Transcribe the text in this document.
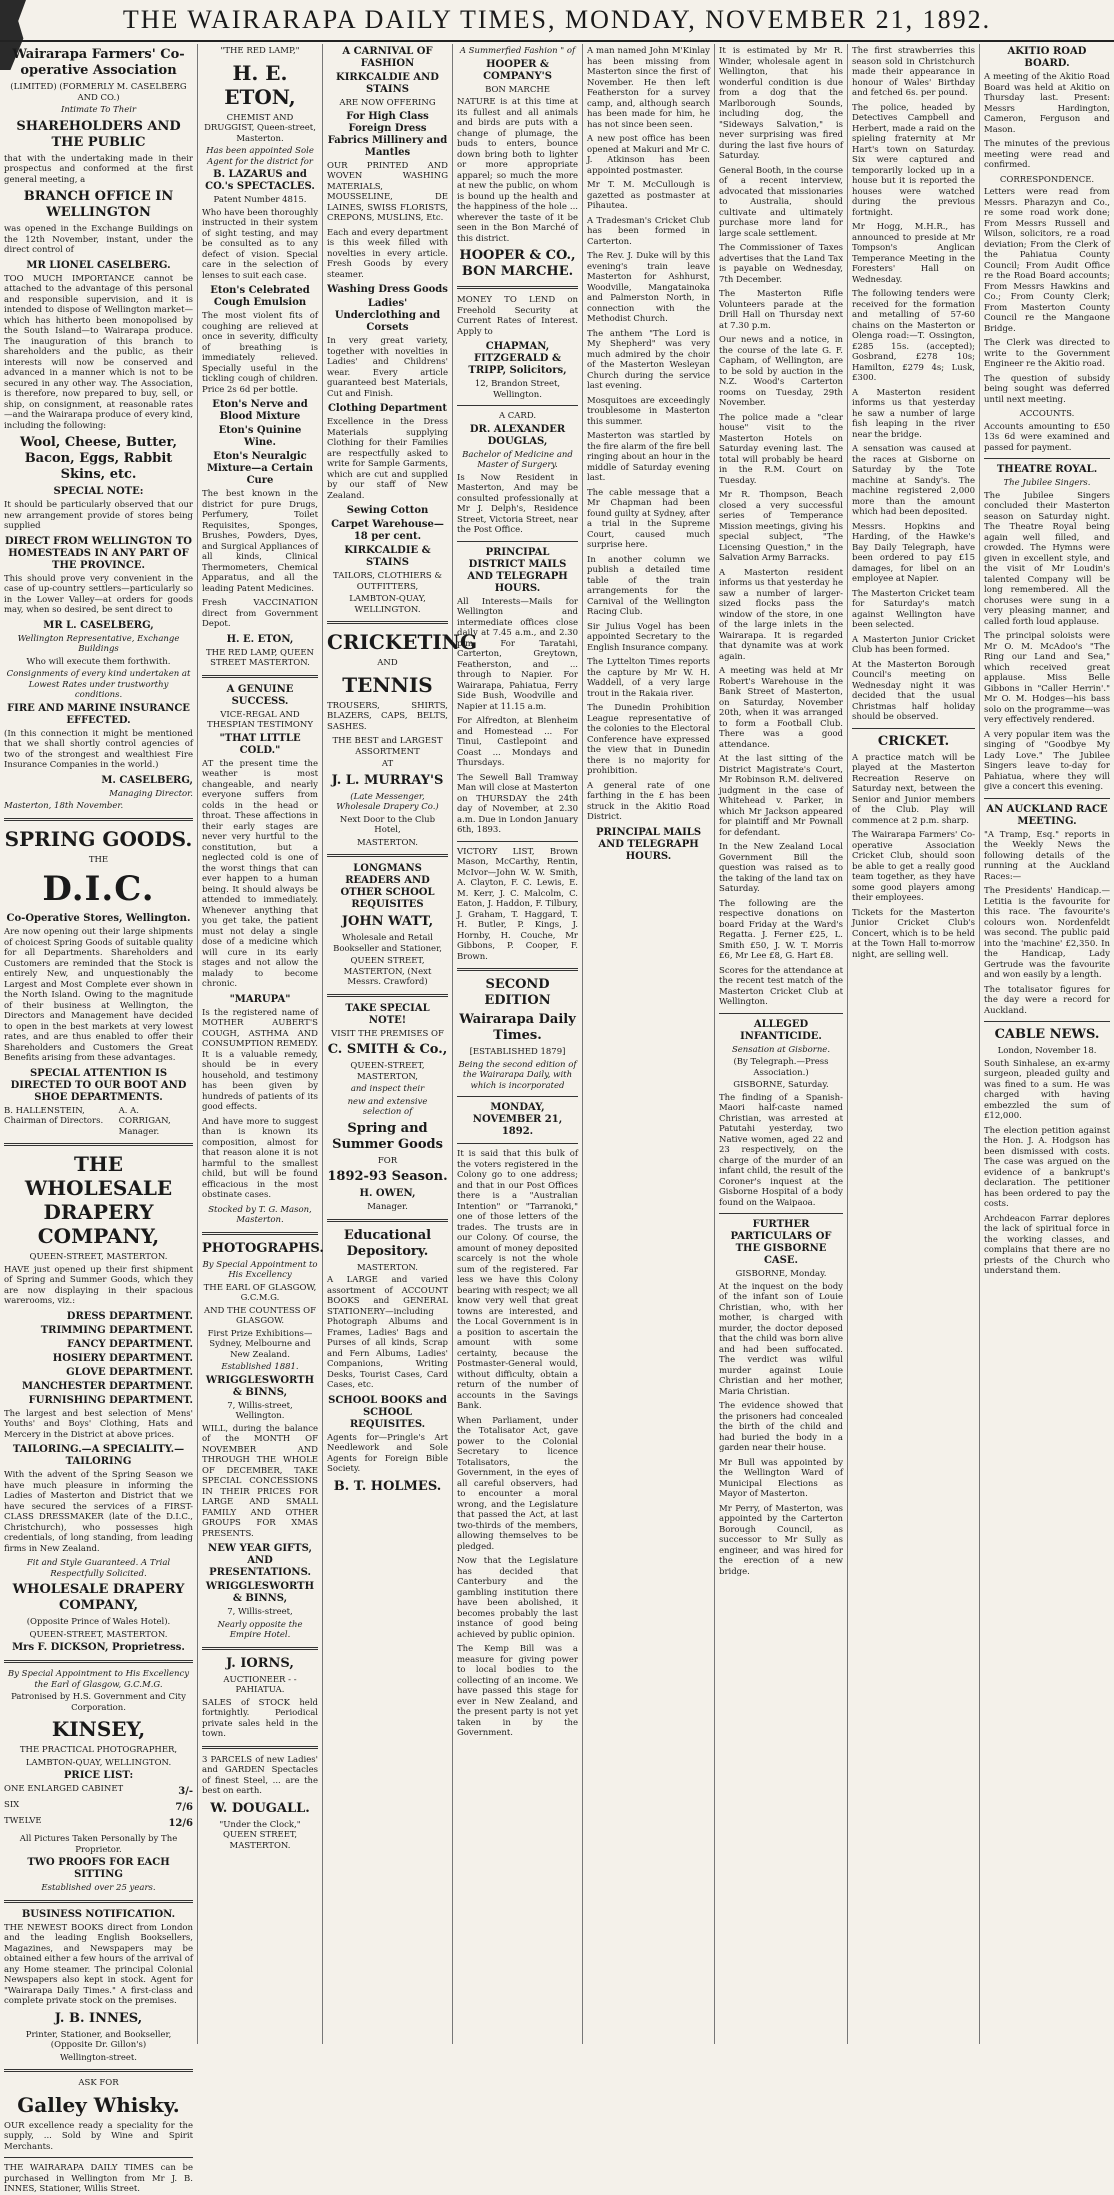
THE WAIRARAPA DAILY TIMES, MONDAY, NOVEMBER 21, 1892.
Wairarapa Farmers' Co-operative Association
(LIMITED) (FORMERLY M. CASELBERG AND CO.)
Intimate To Their
SHAREHOLDERS AND THE PUBLIC

that with the undertaking made in their prospectus and conformed at the first general meeting, a

BRANCH OFFICE IN WELLINGTON

was opened in the Exchange Buildings on the 12th November, instant, under the direct control of

MR LIONEL CASELBERG.

TOO MUCH IMPORTANCE cannot be attached to the advantage of this personal and responsible supervision, and it is intended to dispose of Wellington market—which has hitherto been monopolised by the South Island—to Wairarapa produce. The inauguration of this branch to shareholders and the public, as their interests will now be conserved and advanced in a manner which is not to be secured in any other way. The Association, is therefore, now prepared to buy, sell, or ship, on consignment, at reasonable rates—and the Wairarapa produce of every kind, including the following:

Wool, Cheese, Butter, Bacon, Eggs, Rabbit Skins, etc.
SPECIAL NOTE:

It should be particularly observed that our new arrangement provide of stores being supplied

DIRECT FROM WELLINGTON TO HOMESTEADS IN ANY PART OF THE PROVINCE.

This should prove very convenient in the case of up-country settlers—particularly so in the Lower Valley—at orders for goods may, when so desired, be sent direct to

MR L. CASELBERG,
Wellington Representative, Exchange Buildings
Who will execute them forthwith.
Consignments of every kind undertaken at Lowest Rates under trustworthy conditions.
FIRE AND MARINE INSURANCE EFFECTED.

(In this connection it might be mentioned that we shall shortly control agencies of two of the strongest and wealthiest Fire Insurance Companies in the world.)

M. CASELBERG,
Managing Director.
Masterton, 18th November.
SPRING GOODS.
THE
D.I.C.
Co-Operative Stores, Wellington.

Are now opening out their large shipments of choicest Spring Goods of suitable quality for all Departments. Shareholders and Customers are reminded that the Stock is entirely New, and unquestionably the Largest and Most Complete ever shown in the North Island. Owing to the magnitude of their business at Wellington, the Directors and Management have decided to open in the best markets at very lowest rates, and are thus enabled to offer their Shareholders and Customers the Great Benefits arising from these advantages.

SPECIAL ATTENTION IS DIRECTED TO OUR BOOT AND SHOE DEPARTMENTS.
B. HALLENSTEIN, Chairman of Directors.
A. A. CORRIGAN, Manager.
THE WHOLESALE DRAPERY COMPANY,
QUEEN-STREET, MASTERTON.

HAVE just opened up their first shipment of Spring and Summer Goods, which they are now displaying in their spacious warerooms, viz.:

DRESS DEPARTMENT.
TRIMMING DEPARTMENT.
FANCY DEPARTMENT.
HOSIERY DEPARTMENT.
GLOVE DEPARTMENT.
MANCHESTER DEPARTMENT.
FURNISHING DEPARTMENT.

The largest and best selection of Mens' Youths' and Boys' Clothing, Hats and Mercery in the District at above prices.

TAILORING.—A SPECIALITY.—TAILORING

With the advent of the Spring Season we have much pleasure in informing the Ladies of Masterton and District that we have secured the services of a FIRST-CLASS DRESSMAKER (late of the D.I.C., Christchurch), who possesses high credentials, of long standing, from leading firms in New Zealand.

Fit and Style Guaranteed. A Trial Respectfully Solicited.
WHOLESALE DRAPERY COMPANY,
(Opposite Prince of Wales Hotel).
QUEEN-STREET, MASTERTON.
Mrs F. DICKSON, Proprietress.
By Special Appointment to His Excellency the Earl of Glasgow, G.C.M.G.
Patronised by H.S. Government and City Corporation.
KINSEY,
THE PRACTICAL PHOTOGRAPHER,
LAMBTON-QUAY, WELLINGTON.
PRICE LIST:
ONE ENLARGED CABINET	3/-
SIX	7/6
TWELVE	12/6
All Pictures Taken Personally by The Proprietor.
TWO PROOFS FOR EACH SITTING
Established over 25 years.
BUSINESS NOTIFICATION.

THE NEWEST BOOKS direct from London and the leading English Booksellers, Magazines, and Newspapers may be obtained either a few hours of the arrival of any Home steamer. The principal Colonial Newspapers also kept in stock. Agent for "Wairarapa Daily Times." A first-class and complete private stock on the premises.

J. B. INNES,
Printer, Stationer, and Bookseller, (Opposite Dr. Gillon's)
Wellington-street.
ASK FOR
Galley Whisky.

OUR excellence ready a speciality for the supply, ... Sold by Wine and Spirit Merchants.

THE WAIRARAPA DAILY TIMES can be purchased in Wellington from Mr J. B. INNES, Stationer, Willis Street.

"THE RED LAMP,"
H. E. ETON,
CHEMIST AND DRUGGIST, Queen-street, Masterton.
Has been appointed Sole Agent for the district for
B. LAZARUS and CO.'s SPECTACLES.
Patent Number 4815.

Who have been thoroughly instructed in their system of sight testing, and may be consulted as to any defect of vision. Special care in the selection of lenses to suit each case.

Eton's Celebrated Cough Emulsion

The most violent fits of coughing are relieved at once in severity, difficulty of breathing is immediately relieved. Specially useful in the tickling cough of children. Price 2s 6d per bottle.

Eton's Nerve and Blood Mixture
Eton's Quinine Wine.
Eton's Neuralgic Mixture—a Certain Cure

The best known in the district for pure Drugs, Perfumery, Toilet Requisites, Sponges, Brushes, Powders, Dyes, and Surgical Appliances of all kinds, Clinical Thermometers, Chemical Apparatus, and all the leading Patent Medicines.

Fresh VACCINATION direct from Government Depot.

H. E. ETON,
THE RED LAMP, QUEEN STREET MASTERTON.
A GENUINE SUCCESS.
VICE-REGAL AND THESPIAN TESTIMONY
"THAT LITTLE COLD."

AT the present time the weather is most changeable, and nearly everyone suffers from colds in the head or throat. These affections in their early stages are never very hurtful to the constitution, but a neglected cold is one of the worst things that can ever happen to a human being. It should always be attended to immediately. Whenever anything that you get take, the patient must not delay a single dose of a medicine which will cure in its early stages and not allow the malady to become chronic.

"MARUPA"

Is the registered name of MOTHER AUBERT'S COUGH, ASTHMA AND CONSUMPTION REMEDY. It is a valuable remedy, should be in every household, and testimony has been given by hundreds of patients of its good effects.

And have more to suggest than is known its composition, almost for that reason alone it is not harmful to the smallest child, but will be found efficacious in the most obstinate cases.

Stocked by T. G. Mason, Masterton.
PHOTOGRAPHS.
By Special Appointment to His Excellency
THE EARL OF GLASGOW, G.C.M.G.
AND THE COUNTESS OF GLASGOW.
First Prize Exhibitions—Sydney, Melbourne and New Zealand.
Established 1881.
WRIGGLESWORTH & BINNS,
7, Willis-street, Wellington.

WILL, during the balance of the MONTH OF NOVEMBER AND THROUGH THE WHOLE OF DECEMBER, TAKE SPECIAL CONCESSIONS IN THEIR PRICES FOR LARGE AND SMALL FAMILY AND OTHER GROUPS FOR XMAS PRESENTS.

NEW YEAR GIFTS, AND PRESENTATIONS.
WRIGGLESWORTH & BINNS,
7, Willis-street,
Nearly opposite the Empire Hotel.
J. IORNS,
AUCTIONEER - - PAHIATUA.

SALES of STOCK held fortnightly. Periodical private sales held in the town.

3 PARCELS of new Ladies' and GARDEN Spectacles of finest Steel, ... are the best on earth.

W. DOUGALL.
"Under the Clock," QUEEN STREET, MASTERTON.
A CARNIVAL OF FASHION
KIRKCALDIE AND STAINS
ARE NOW OFFERING
For High Class Foreign Dress Fabrics Millinery and Mantles

OUR PRINTED AND WOVEN WASHING MATERIALS, MOUSSELINE, DE LAINES, SWISS FLORISTS, CREPONS, MUSLINS, Etc.

Each and every department is this week filled with novelties in every article. Fresh Goods by every steamer.

Washing Dress Goods
Ladies' Underclothing and Corsets

In very great variety, together with novelties in Ladies' and Childrens' wear. Every article guaranteed best Materials, Cut and Finish.

Clothing Department

Excellence in the Dress Materials supplying Clothing for their Families are respectfully asked to write for Sample Garments, which are cut and supplied by our staff of New Zealand.

Sewing Cotton
Carpet Warehouse—18 per cent.
KIRKCALDIE & STAINS
TAILORS, CLOTHIERS & OUTFITTERS,
LAMBTON-QUAY, WELLINGTON.
CRICKETING
AND
TENNIS

TROUSERS, SHIRTS, BLAZERS, CAPS, BELTS, SASHES.

THE BEST and LARGEST ASSORTMENT
AT
J. L. MURRAY'S
(Late Messenger, Wholesale Drapery Co.)
Next Door to the Club Hotel,
MASTERTON.
LONGMANS READERS AND OTHER SCHOOL REQUISITES
JOHN WATT,
Wholesale and Retail Bookseller and Stationer,
QUEEN STREET, MASTERTON, (Next Messrs. Crawford)
TAKE SPECIAL NOTE!
VISIT THE PREMISES OF
C. SMITH & Co.,
QUEEN-STREET, MASTERTON,
and inspect their
new and extensive selection of
Spring and Summer Goods
FOR
1892-93 Season.
H. OWEN,
Manager.
Educational Depository.
MASTERTON.

A LARGE and varied assortment of ACCOUNT BOOKS and GENERAL STATIONERY—including Photograph Albums and Frames, Ladies' Bags and Purses of all kinds, Scrap and Fern Albums, Ladies' Companions, Writing Desks, Tourist Cases, Card Cases, etc.

SCHOOL BOOKS and SCHOOL REQUISITES.

Agents for—Pringle's Art Needlework and Sole Agents for Foreign Bible Society.

B. T. HOLMES.
A Summerfied Fashion " of
HOOPER & COMPANY'S
BON MARCHE

NATURE is at this time at its fullest and all animals and birds are puts with a change of plumage, the buds to enters, bounce down bring both to lighter or more appropriate apparel; so much the more at new the public, on whom is bound up the health and the happiness of the hole ... wherever the taste of it be seen in the Bon Marché of this district.

HOOPER & CO., BON MARCHE.

MONEY TO LEND on Freehold Security at Current Rates of Interest. Apply to

CHAPMAN, FITZGERALD & TRIPP, Solicitors,
12, Brandon Street, Wellington.
A CARD.
DR. ALEXANDER DOUGLAS,
Bachelor of Medicine and Master of Surgery.

Is Now Resident in Masterton, And may be consulted professionally at Mr J. Delph's, Residence Street, Victoria Street, near the Post Office.

PRINCIPAL DISTRICT MAILS AND TELEGRAPH HOURS.

All Interests—Mails for Wellington and intermediate offices close daily at 7.45 a.m., and 2.30 p.m. For Taratahi, Carterton, Greytown, Featherston, and ... through to Napier. For Wairarapa, Pahiatua, Ferry Side Bush, Woodville and Napier at 11.15 a.m.

For Alfredton, at Blenheim and Homestead ... For Tinui, Castlepoint and Coast ... Mondays and Thursdays.

The Sewell Ball Tramway Man will close at Masterton on THURSDAY the 24th day of November, at 2.30 a.m. Due in London January 6th, 1893.

VICTORY LIST, Brown Mason, McCarthy, Rentin, McIvor—John W. W. Smith, A. Clayton, F. C. Lewis, E. M. Kerr, J. C. Malcolm, C. Eaton, J. Haddon, F. Tilbury, J. Graham, T. Haggard, T. H. Butler, P. Kings, J. Hornby, H. Couche, Mr Gibbons, P. Cooper, F. Brown.

SECOND EDITION
Wairarapa Daily Times.
[ESTABLISHED 1879]
Being the second edition of the Wairarapa Daily, with which is incorporated
MONDAY, NOVEMBER 21, 1892.

It is said that this bulk of the voters registered in the Colony go to one address; and that in our Post Offices there is a "Australian Intention" or "Tarranoki," one of those letters of the trades. The trusts are in our Colony. Of course, the amount of money deposited scarcely is not the whole sum of the registered. Far less we have this Colony bearing with respect; we all know very well that great towns are interested, and the Local Government is in a position to ascertain the amount with some certainty, because the Postmaster-General would, without difficulty, obtain a return of the number of accounts in the Savings Bank.

When Parliament, under the Totalisator Act, gave power to the Colonial Secretary to licence Totalisators, the Government, in the eyes of all careful observers, had to encounter a moral wrong, and the Legislature that passed the Act, at last two-thirds of the members, allowing themselves to be pledged.

Now that the Legislature has decided that Canterbury and the gambling institution there have been abolished, it becomes probably the last instance of good being achieved by public opinion.

The Kemp Bill was a measure for giving power to local bodies to the collecting of an income. We have passed this stage for ever in New Zealand, and the present party is not yet taken in by the Government.

A man named John M'Kinlay has been missing from Masterton since the first of November. He then left Featherston for a survey camp, and, although search has been made for him, he has not since been seen.

A new post office has been opened at Makuri and Mr C. J. Atkinson has been appointed postmaster.

Mr T. M. McCullough is gazetted as postmaster at Pihautea.

A Tradesman's Cricket Club has been formed in Carterton.

The Rev. J. Duke will by this evening's train leave Masterton for Ashhurst, Woodville, Mangatainoka and Palmerston North, in connection with the Methodist Church.

The anthem "The Lord is My Shepherd" was very much admired by the choir of the Masterton Wesleyan Church during the service last evening.

Mosquitoes are exceedingly troublesome in Masterton this summer.

Masterton was startled by the fire alarm of the fire bell ringing about an hour in the middle of Saturday evening last.

The cable message that a Mr Chapman had been found guilty at Sydney, after a trial in the Supreme Court, caused much surprise here.

In another column we publish a detailed time table of the train arrangements for the Carnival of the Wellington Racing Club.

Sir Julius Vogel has been appointed Secretary to the English Insurance company.

The Lyttelton Times reports the capture by Mr W. H. Waddell, of a very large trout in the Rakaia river.

The Dunedin Prohibition League representative of the colonies to the Electoral Conference have expressed the view that in Dunedin there is no majority for prohibition.

A general rate of one farthing in the £ has been struck in the Akitio Road District.

PRINCIPAL MAILS AND TELEGRAPH HOURS.

It is estimated by Mr R. Winder, wholesale agent in Wellington, that his wonderful condition is due from a dog that the Marlborough Sounds, including dog, the "Sideways Salvation," is never surprising was fired during the last five hours of Saturday.

General Booth, in the course of a recent interview, advocated that missionaries to Australia, should cultivate and ultimately purchase more land for large scale settlement.

The Commissioner of Taxes advertises that the Land Tax is payable on Wednesday, 7th December.

The Masterton Rifle Volunteers parade at the Drill Hall on Thursday next at 7.30 p.m.

Our news and a notice, in the course of the late G. F. Capham, of Wellington, are to be sold by auction in the N.Z. Wood's Carterton rooms on Tuesday, 29th November.

The police made a "clear house" visit to the Masterton Hotels on Saturday evening last. The total will probably be heard in the R.M. Court on Tuesday.

Mr R. Thompson, Beach closed a very successful series of Temperance Mission meetings, giving his special subject, "The Licensing Question," in the Salvation Army Barracks.

A Masterton resident informs us that yesterday he saw a number of larger-sized flocks pass the window of the store, in one of the large inlets in the Wairarapa. It is regarded that dynamite was at work again.

A meeting was held at Mr Robert's Warehouse in the Bank Street of Masterton, on Saturday, November 20th, when it was arranged to form a Football Club. There was a good attendance.

At the last sitting of the District Magistrate's Court, Mr Robinson R.M. delivered judgment in the case of Whitehead v. Parker, in which Mr Jackson appeared for plaintiff and Mr Pownall for defendant.

In the New Zealand Local Government Bill the question was raised as to the taking of the land tax on Saturday.

The following are the respective donations on board Friday at the Ward's Regatta. J. Ferner £25, L. Smith £50, J. W. T. Morris £6, Mr Lee £8, G. Hart £8.

Scores for the attendance at the recent test match of the Masterton Cricket Club at Wellington.

ALLEGED INFANTICIDE.
Sensation at Gisborne.
(By Telegraph.—Press Association.)
GISBORNE, Saturday.

The finding of a Spanish-Maori half-caste named Christian, was arrested at Patutahi yesterday, two Native women, aged 22 and 23 respectively, on the charge of the murder of an infant child, the result of the Coroner's inquest at the Gisborne Hospital of a body found on the Waipaoa.

FURTHER PARTICULARS OF THE GISBORNE CASE.
GISBORNE, Monday.

At the inquest on the body of the infant son of Louie Christian, who, with her mother, is charged with murder, the doctor deposed that the child was born alive and had been suffocated. The verdict was wilful murder against Louie Christian and her mother, Maria Christian.

The evidence showed that the prisoners had concealed the birth of the child and had buried the body in a garden near their house.

Mr Bull was appointed by the Wellington Ward of Municipal Elections as Mayor of Masterton.

Mr Perry, of Masterton, was appointed by the Carterton Borough Council, as successor to Mr Sully as engineer, and was hired for the erection of a new bridge.

The first strawberries this season sold in Christchurch made their appearance in honour of Wales' Birthday and fetched 6s. per pound.

The police, headed by Detectives Campbell and Herbert, made a raid on the spieling fraternity at Mr Hart's town on Saturday. Six were captured and temporarily locked up in a house but it is reported the houses were watched during the previous fortnight.

Mr Hogg, M.H.R., has announced to preside at Mr Tompson's Anglican Temperance Meeting in the Foresters' Hall on Wednesday.

The following tenders were received for the formation and metalling of 57-60 chains on the Masterton or Olenga road:—T. Ossington, £285 15s. (accepted); Gosbrand, £278 10s; Hamilton, £279 4s; Lusk, £300.

A Masterton resident informs us that yesterday he saw a number of large fish leaping in the river near the bridge.

A sensation was caused at the races at Gisborne on Saturday by the Tote machine at Sandy's. The machine registered 2,000 more than the amount which had been deposited.

Messrs. Hopkins and Harding, of the Hawke's Bay Daily Telegraph, have been ordered to pay £15 damages, for libel on an employee at Napier.

The Masterton Cricket team for Saturday's match against Wellington have been selected.

A Masterton Junior Cricket Club has been formed.

At the Masterton Borough Council's meeting on Wednesday night it was decided that the usual Christmas half holiday should be observed.

CRICKET.

A practice match will be played at the Masterton Recreation Reserve on Saturday next, between the Senior and Junior members of the Club. Play will commence at 2 p.m. sharp.

The Wairarapa Farmers' Co-operative Association Cricket Club, should soon be able to get a really good team together, as they have some good players among their employees.

Tickets for the Masterton Junior Cricket Club's Concert, which is to be held at the Town Hall to-morrow night, are selling well.

AKITIO ROAD BOARD.

A meeting of the Akitio Road Board was held at Akitio on Thursday last. Present: Messrs Hardington, Cameron, Ferguson and Mason.

The minutes of the previous meeting were read and confirmed.

CORRESPONDENCE.

Letters were read from Messrs. Pharazyn and Co., re some road work done; From Messrs Russell and Wilson, solicitors, re a road deviation; From the Clerk of the Pahiatua County Council; From Audit Office re the Road Board accounts; From Messrs Hawkins and Co.; From County Clerk; From Masterton County Council re the Mangaone Bridge.

The Clerk was directed to write to the Government Engineer re the Akitio road.

The question of subsidy being sought was deferred until next meeting.

ACCOUNTS.

Accounts amounting to £50 13s 6d were examined and passed for payment.

THEATRE ROYAL.
The Jubilee Singers.

The Jubilee Singers concluded their Masterton season on Saturday night. The Theatre Royal being again well filled, and crowded. The Hymns were given in excellent style, and the visit of Mr Loudin's talented Company will be long remembered. All the choruses were sung in a very pleasing manner, and called forth loud applause.

The principal soloists were Mr O. M. McAdoo's "The Ring our Land and Sea," which received great applause. Miss Belle Gibbons in "Caller Herrin'." Mr O. M. Hodges—his bass solo on the programme—was very effectively rendered.

A very popular item was the singing of "Goodbye My Lady Love." The Jubilee Singers leave to-day for Pahiatua, where they will give a concert this evening.

AN AUCKLAND RACE MEETING.

"A Tramp, Esq." reports in the Weekly News the following details of the running at the Auckland Races:—

The Presidents' Handicap.—Letitia is the favourite for this race. The favourite's colours won. Nordenfeldt was second. The public paid into the 'machine' £2,350. In the Handicap, Lady Gertrude was the favourite and won easily by a length.

The totalisator figures for the day were a record for Auckland.

CABLE NEWS.
London, November 18.

South Sinhalese, an ex-army surgeon, pleaded guilty and was fined to a sum. He was charged with having embezzled the sum of £12,000.

The election petition against the Hon. J. A. Hodgson has been dismissed with costs. The case was argued on the evidence of a bankrupt's declaration. The petitioner has been ordered to pay the costs.

Archdeacon Farrar deplores the lack of spiritual force in the working classes, and complains that there are no priests of the Church who understand them.
